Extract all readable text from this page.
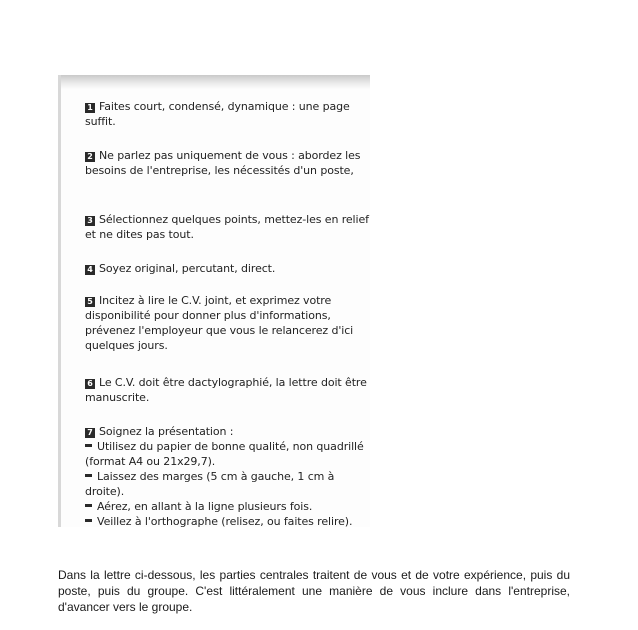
1 Faites court, condensé, dynamique : une page suffit.
2 Ne parlez pas uniquement de vous : abordez les besoins de l'entreprise, les nécessités d'un poste,
3 Sélectionnez quelques points, mettez-les en relief et ne dites pas tout.
4 Soyez original, percutant, direct.
5 Incitez à lire le C.V. joint, et exprimez votre disponibilité pour donner plus d'informations, prévenez l'employeur que vous le relancerez d'ici quelques jours.
6 Le C.V. doit être dactylographié, la lettre doit être manuscrite.
7 Soignez la présentation :
Utilisez du papier de bonne qualité, non quadrillé (format A4 ou 21x29,7).
Laissez des marges (5 cm à gauche, 1 cm à droite).
Aérez, en allant à la ligne plusieurs fois.
Veillez à l'orthographe (relisez, ou faites relire).

Dans la lettre ci-dessous, les parties centrales traitent de vous et de votre expérience, puis du poste, puis du groupe. C'est littéralement une manière de vous inclure dans l'entreprise, d'avancer vers le groupe.
